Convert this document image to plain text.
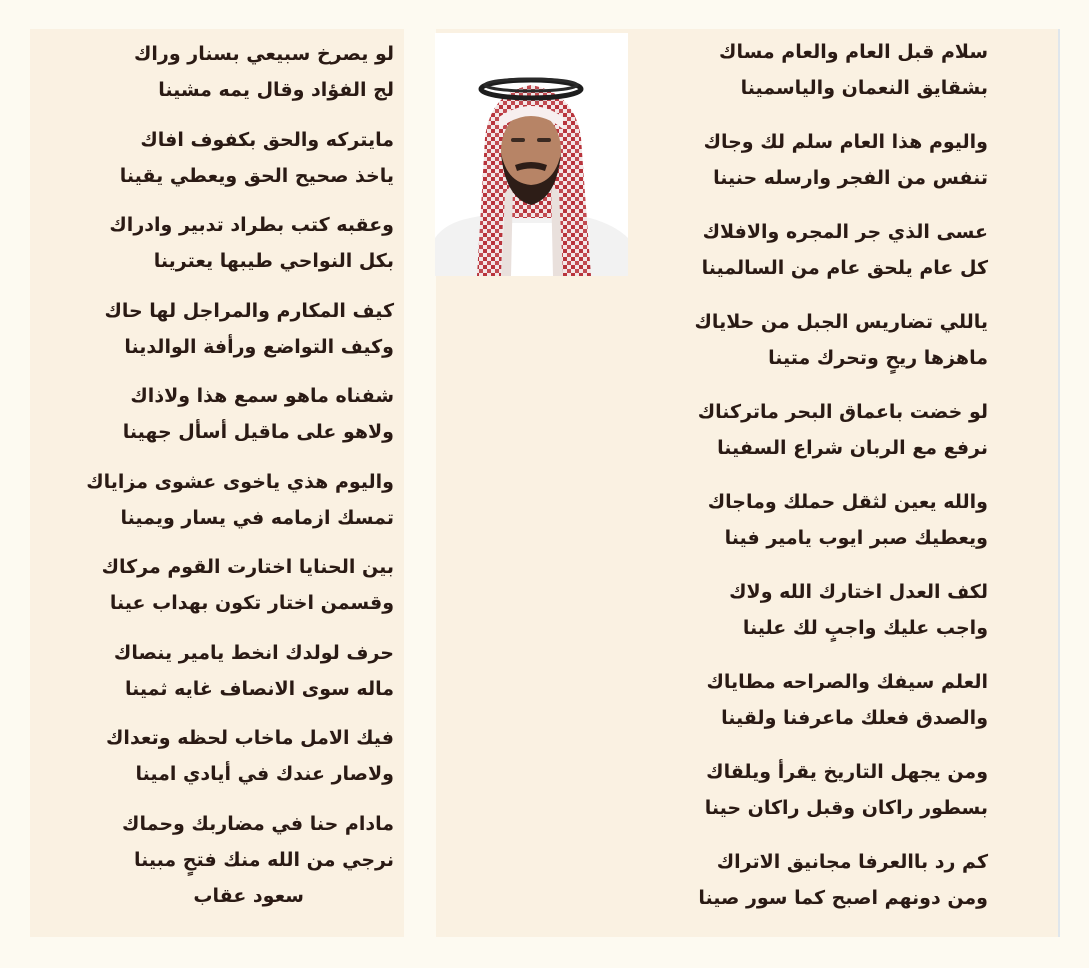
سلام قبل العام والعام مساك
بشقايق النعمان والياسمينا
واليوم هذا العام سلم لك وجاك
تنفس من الفجر وارسله حنينا
عسى الذي جر المجره والافلاك
كل عام يلحق عام من السالمينا
ياللي تضاريس الجبل من حلاياك
ماهزها ريحٍ وتحرك متينا
لو خضت باعماق البحر ماتركناك
نرفع مع الربان شراع السفينا
والله يعين لثقل حملك وماجاك
ويعطيك صبر ايوب يامير فينا
لكف العدل اختارك الله ولاك
واجب عليك واجبٍ لك علينا
العلم سيفك والصراحه مطاياك
والصدق فعلك ماعرفنا ولقينا
ومن يجهل التاريخ يقرأ ويلقاك
بسطور راكان وقبل راكان حينا
كم رد باالعرفا مجانيق الاتراك
ومن دونهم اصبح كما سور صينا
لو يصرخ سبيعي بسنار وراك
لج الفؤاد وقال يمه مشينا
مايتركه والحق بكفوف افاك
ياخذ صحيح الحق ويعطي يقينا
وعقبه كتب بطراد تدبير وادراك
بكل النواحي طيبها يعترينا
كيف المكارم والمراجل لها حاك
وكيف التواضع ورأفة الوالدينا
شفناه ماهو سمع هذا ولاذاك
ولاهو على ماقيل أسأل جهينا
واليوم هذي ياخوى عشوى مزاياك
تمسك ازمامه في يسار ويمينا
بين الحنايا اختارت القوم مركاك
وقسمن اختار تكون بهداب عينا
حرف لولدك انخط يامير ينصاك
ماله سوى الانصاف غايه ثمينا
فيك الامل ماخاب لحظه وتعداك
ولاصار عندك في أيادي امينا
مادام حنا في مضاربك وحماك
نرجي من الله منك فتحٍ مبينا
سعود عقاب
